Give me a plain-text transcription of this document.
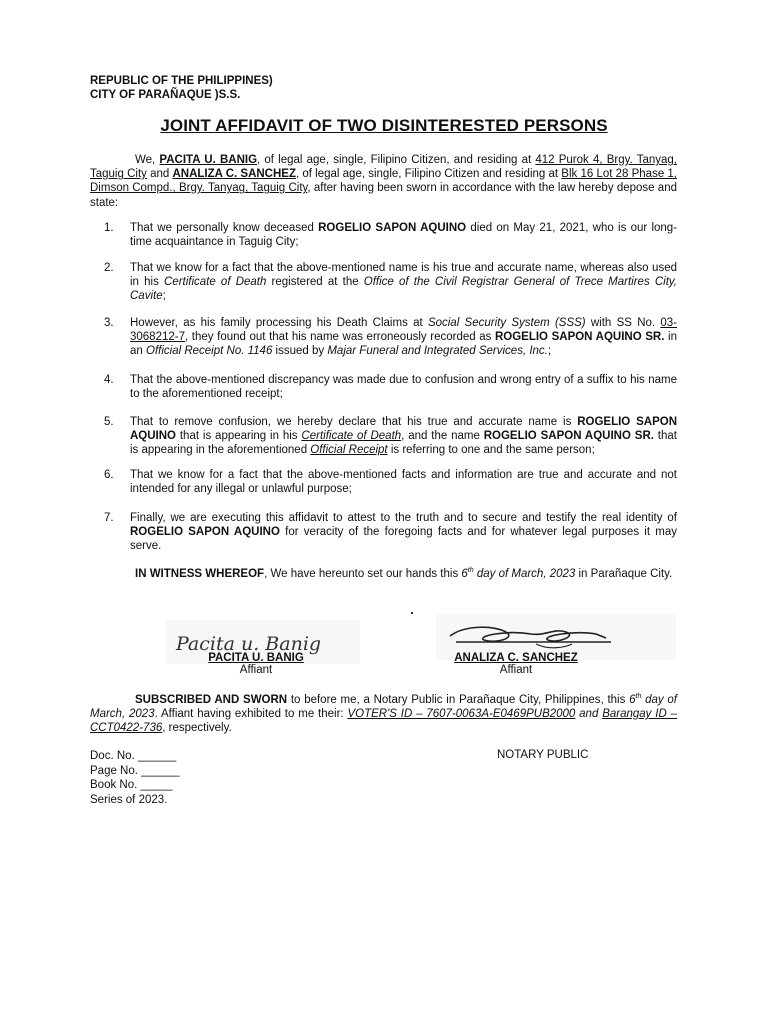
REPUBLIC OF THE PHILIPPINES)
CITY OF PARAÑAQUE )S.S.
JOINT AFFIDAVIT OF TWO DISINTERESTED PERSONS
We, PACITA U. BANIG, of legal age, single, Filipino Citizen, and residing at 412 Purok 4, Brgy. Tanyag, Taguig City and ANALIZA C. SANCHEZ, of legal age, single, Filipino Citizen and residing at Blk 16 Lot 28 Phase 1, Dimson Compd., Brgy. Tanyag, Taguig City, after having been sworn in accordance with the law hereby depose and state:
1.	That we personally know deceased ROGELIO SAPON AQUINO died on May 21, 2021, who is our long-time acquaintance in Taguig City;
2.	That we know for a fact that the above-mentioned name is his true and accurate name, whereas also used in his Certificate of Death registered at the Office of the Civil Registrar General of Trece Martires City, Cavite;
3.	However, as his family processing his Death Claims at Social Security System (SSS) with SS No. 03-3068212-7, they found out that his name was erroneously recorded as ROGELIO SAPON AQUINO SR. in an Official Receipt No. 1146 issued by Majar Funeral and Integrated Services, Inc.;
4.	That the above-mentioned discrepancy was made due to confusion and wrong entry of a suffix to his name to the aforementioned receipt;
5.	That to remove confusion, we hereby declare that his true and accurate name is ROGELIO SAPON AQUINO that is appearing in his Certificate of Death, and the name ROGELIO SAPON AQUINO SR. that is appearing in the aforementioned Official Receipt is referring to one and the same person;
6.	That we know for a fact that the above-mentioned facts and information are true and accurate and not intended for any illegal or unlawful purpose;
7.	Finally, we are executing this affidavit to attest to the truth and to secure and testify the real identity of ROGELIO SAPON AQUINO for veracity of the foregoing facts and for whatever legal purposes it may serve.
IN WITNESS WHEREOF, We have hereunto set our hands this 6th day of March, 2023 in Parañaque City.
Pacita u. Banig
PACITA U. BANIG
Affiant
ANALIZA C. SANCHEZ
Affiant
SUBSCRIBED AND SWORN to before me, a Notary Public in Parañaque City, Philippines, this 6th day of March, 2023. Affiant having exhibited to me their: VOTER'S ID – 7607-0063A-E0469PUB2000 and Barangay ID – CCT0422-736, respectively.
Doc. No. ______
Page No. ______
Book No. _____
Series of 2023.
NOTARY PUBLIC
